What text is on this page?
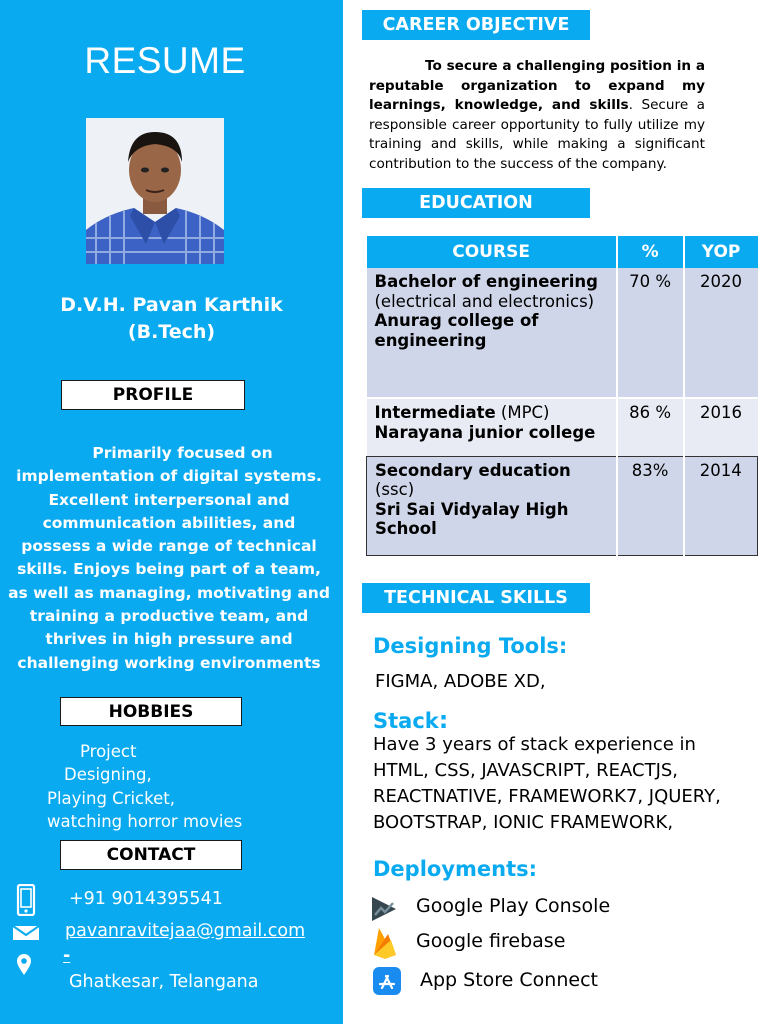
RESUME
D.V.H. Pavan Karthik
(B.Tech)
PROFILE
Primarily focused on implementation of digital systems. Excellent interpersonal and communication abilities, and possess a wide range of technical skills. Enjoys being part of a team, as well as managing, motivating and training a productive team, and thrives in high pressure and challenging working environments
HOBBIES
Project
Designing,
Playing Cricket,
watching horror movies
CONTACT
+91 9014395541
pavanravitejaa@gmail.com
-
Ghatkesar, Telangana
CAREER OBJECTIVE
To secure a challenging position in a reputable organization to expand my learnings, knowledge, and skills. Secure a responsible career opportunity to fully utilize my training and skills, while making a significant contribution to the success of the company.
EDUCATION
COURSE	%	YOP
Bachelor of engineering
(electrical and electronics)
Anurag college of engineering	70 %	2020
Intermediate (MPC)
Narayana junior college	86 %	2016
Secondary education
(ssc)
Sri Sai Vidyalay High School	83%	2014
TECHNICAL SKILLS
Designing Tools:
FIGMA, ADOBE XD,
Stack:
Have 3 years of stack experience in HTML, CSS, JAVASCRIPT, REACTJS, REACTNATIVE, FRAMEWORK7, JQUERY, BOOTSTRAP, IONIC FRAMEWORK,
Deployments:
Google Play Console
Google firebase
App Store Connect
